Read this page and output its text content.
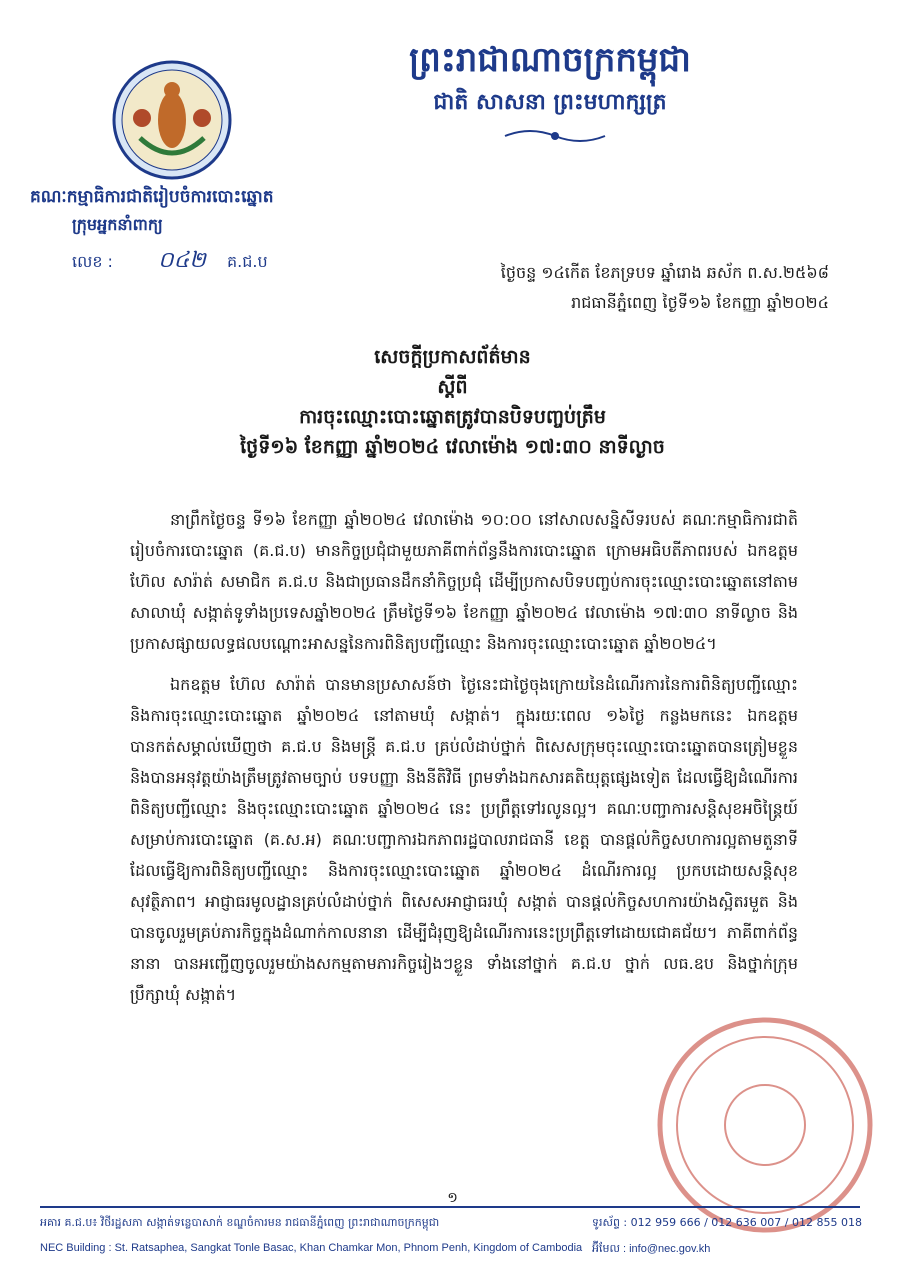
ព្រះរាជាណាចក្រកម្ពុជា
ជាតិ សាសនា ព្រះមហាក្សត្រ
គណៈកម្មាធិការជាតិរៀបចំការបោះឆ្នោត
ក្រុមអ្នកនាំពាក្យ
លេខ : ០៤២ គ.ជ.ប
ថ្ងៃចន្ទ ១៤កើត ខែភទ្របទ ឆ្នាំរោង ឆស័ក ព.ស.២៥៦៨
រាជធានីភ្នំពេញ ថ្ងៃទី១៦ ខែកញ្ញា ឆ្នាំ២០២៤
សេចក្តីប្រកាសព័ត៌មាន
ស្តីពី
ការចុះឈ្មោះបោះឆ្នោតត្រូវបានបិទបញ្ចប់ត្រឹម
ថ្ងៃទី១៦ ខែកញ្ញា ឆ្នាំ២០២៤ វេលាម៉ោង ១៧:៣០ នាទីល្ងាច

នាព្រឹកថ្ងៃចន្ទ ទី១៦ ខែកញ្ញា ឆ្នាំ២០២៤ វេលាម៉ោង ១០:០០ នៅសាលសន្និសីទរបស់ គណៈកម្មាធិការជាតិរៀបចំការបោះឆ្នោត (គ.ជ.ប) មានកិច្ចប្រជុំជាមួយភាគីពាក់ព័ន្ធនឹងការបោះឆ្នោត ក្រោមអធិបតីភាពរបស់ ឯកឧត្តម ហ៊ែល សារ៉ាត់ សមាជិក គ.ជ.ប និងជាប្រធានដឹកនាំកិច្ចប្រជុំ ដើម្បីប្រកាសបិទបញ្ចប់ការចុះឈ្មោះបោះឆ្នោតនៅតាមសាលាឃុំ សង្កាត់ទូទាំងប្រទេសឆ្នាំ២០២៤ ត្រឹមថ្ងៃទី១៦ ខែកញ្ញា ឆ្នាំ២០២៤ វេលាម៉ោង ១៧:៣០ នាទីល្ងាច និងប្រកាសផ្សាយលទ្ធផលបណ្តោះអាសន្ននៃការពិនិត្យបញ្ជីឈ្មោះ និងការចុះឈ្មោះបោះឆ្នោត ឆ្នាំ២០២៤។

ឯកឧត្តម ហ៊ែល សារ៉ាត់ បានមានប្រសាសន៍ថា ថ្ងៃនេះជាថ្ងៃចុងក្រោយនៃដំណើរការនៃការពិនិត្យបញ្ជីឈ្មោះ និងការចុះឈ្មោះបោះឆ្នោត ឆ្នាំ២០២៤ នៅតាមឃុំ សង្កាត់។ ក្នុងរយៈពេល ១៦ថ្ងៃ កន្លងមកនេះ ឯកឧត្តម បានកត់សម្គាល់ឃើញថា គ.ជ.ប និងមន្ត្រី គ.ជ.ប គ្រប់លំដាប់ថ្នាក់ ពិសេសក្រុមចុះឈ្មោះបោះឆ្នោតបានត្រៀមខ្លួន និងបានអនុវត្តយ៉ាងត្រឹមត្រូវតាមច្បាប់ បទបញ្ញា និងនីតិវិធី ព្រមទាំងឯកសារគតិយុត្តផ្សេងទៀត ដែលធ្វើឱ្យដំណើរការពិនិត្យបញ្ជីឈ្មោះ និងចុះឈ្មោះបោះឆ្នោត ឆ្នាំ២០២៤ នេះ ប្រព្រឹត្តទៅរលូនល្អ។ គណៈបញ្ជាការសន្តិសុខអចិន្ត្រៃយ៍សម្រាប់ការបោះឆ្នោត (គ.ស.អ) គណៈបញ្ជាការឯកភាពរដ្ឋបាលរាជធានី ខេត្ត បានផ្តល់កិច្ចសហការល្អតាមតួនាទី ដែលធ្វើឱ្យការពិនិត្យបញ្ជីឈ្មោះ និងការចុះឈ្មោះបោះឆ្នោត ឆ្នាំ២០២៤ ដំណើរការល្អ ប្រកបដោយសន្តិសុខ សុវត្ថិភាព។ អាជ្ញាធរមូលដ្ឋានគ្រប់លំដាប់ថ្នាក់ ពិសេសអាជ្ញាធរឃុំ សង្កាត់ បានផ្តល់កិច្ចសហការយ៉ាងស្អិតរមួត និងបានចូលរួមគ្រប់ភារកិច្ចក្នុងដំណាក់កាលនានា ដើម្បីជំរុញឱ្យដំណើរការនេះប្រព្រឹត្តទៅដោយជោគជ័យ។ ភាគីពាក់ព័ន្ធនានា បានអញ្ជើញចូលរួមយ៉ាងសកម្មតាមភារកិច្ចរៀងៗខ្លួន ទាំងនៅថ្នាក់ គ.ជ.ប ថ្នាក់ លធ.ឧប និងថ្នាក់ក្រុមប្រឹក្សាឃុំ សង្កាត់។

១
អគារ គ.ជ.ប៖ វិថីរដ្ឋសភា សង្កាត់ទន្លេបាសាក់ ខណ្ឌចំការមន រាជធានីភ្នំពេញ ព្រះរាជាណាចក្រកម្ពុជា
NEC Building : St. Ratsaphea, Sangkat Tonle Basac, Khan Chamkar Mon, Phnom Penh, Kingdom of Cambodia
ទូរស័ព្ទ : 012 959 666 / 012 636 007 / 012 855 018
អ៊ីមែល : info@nec.gov.kh
